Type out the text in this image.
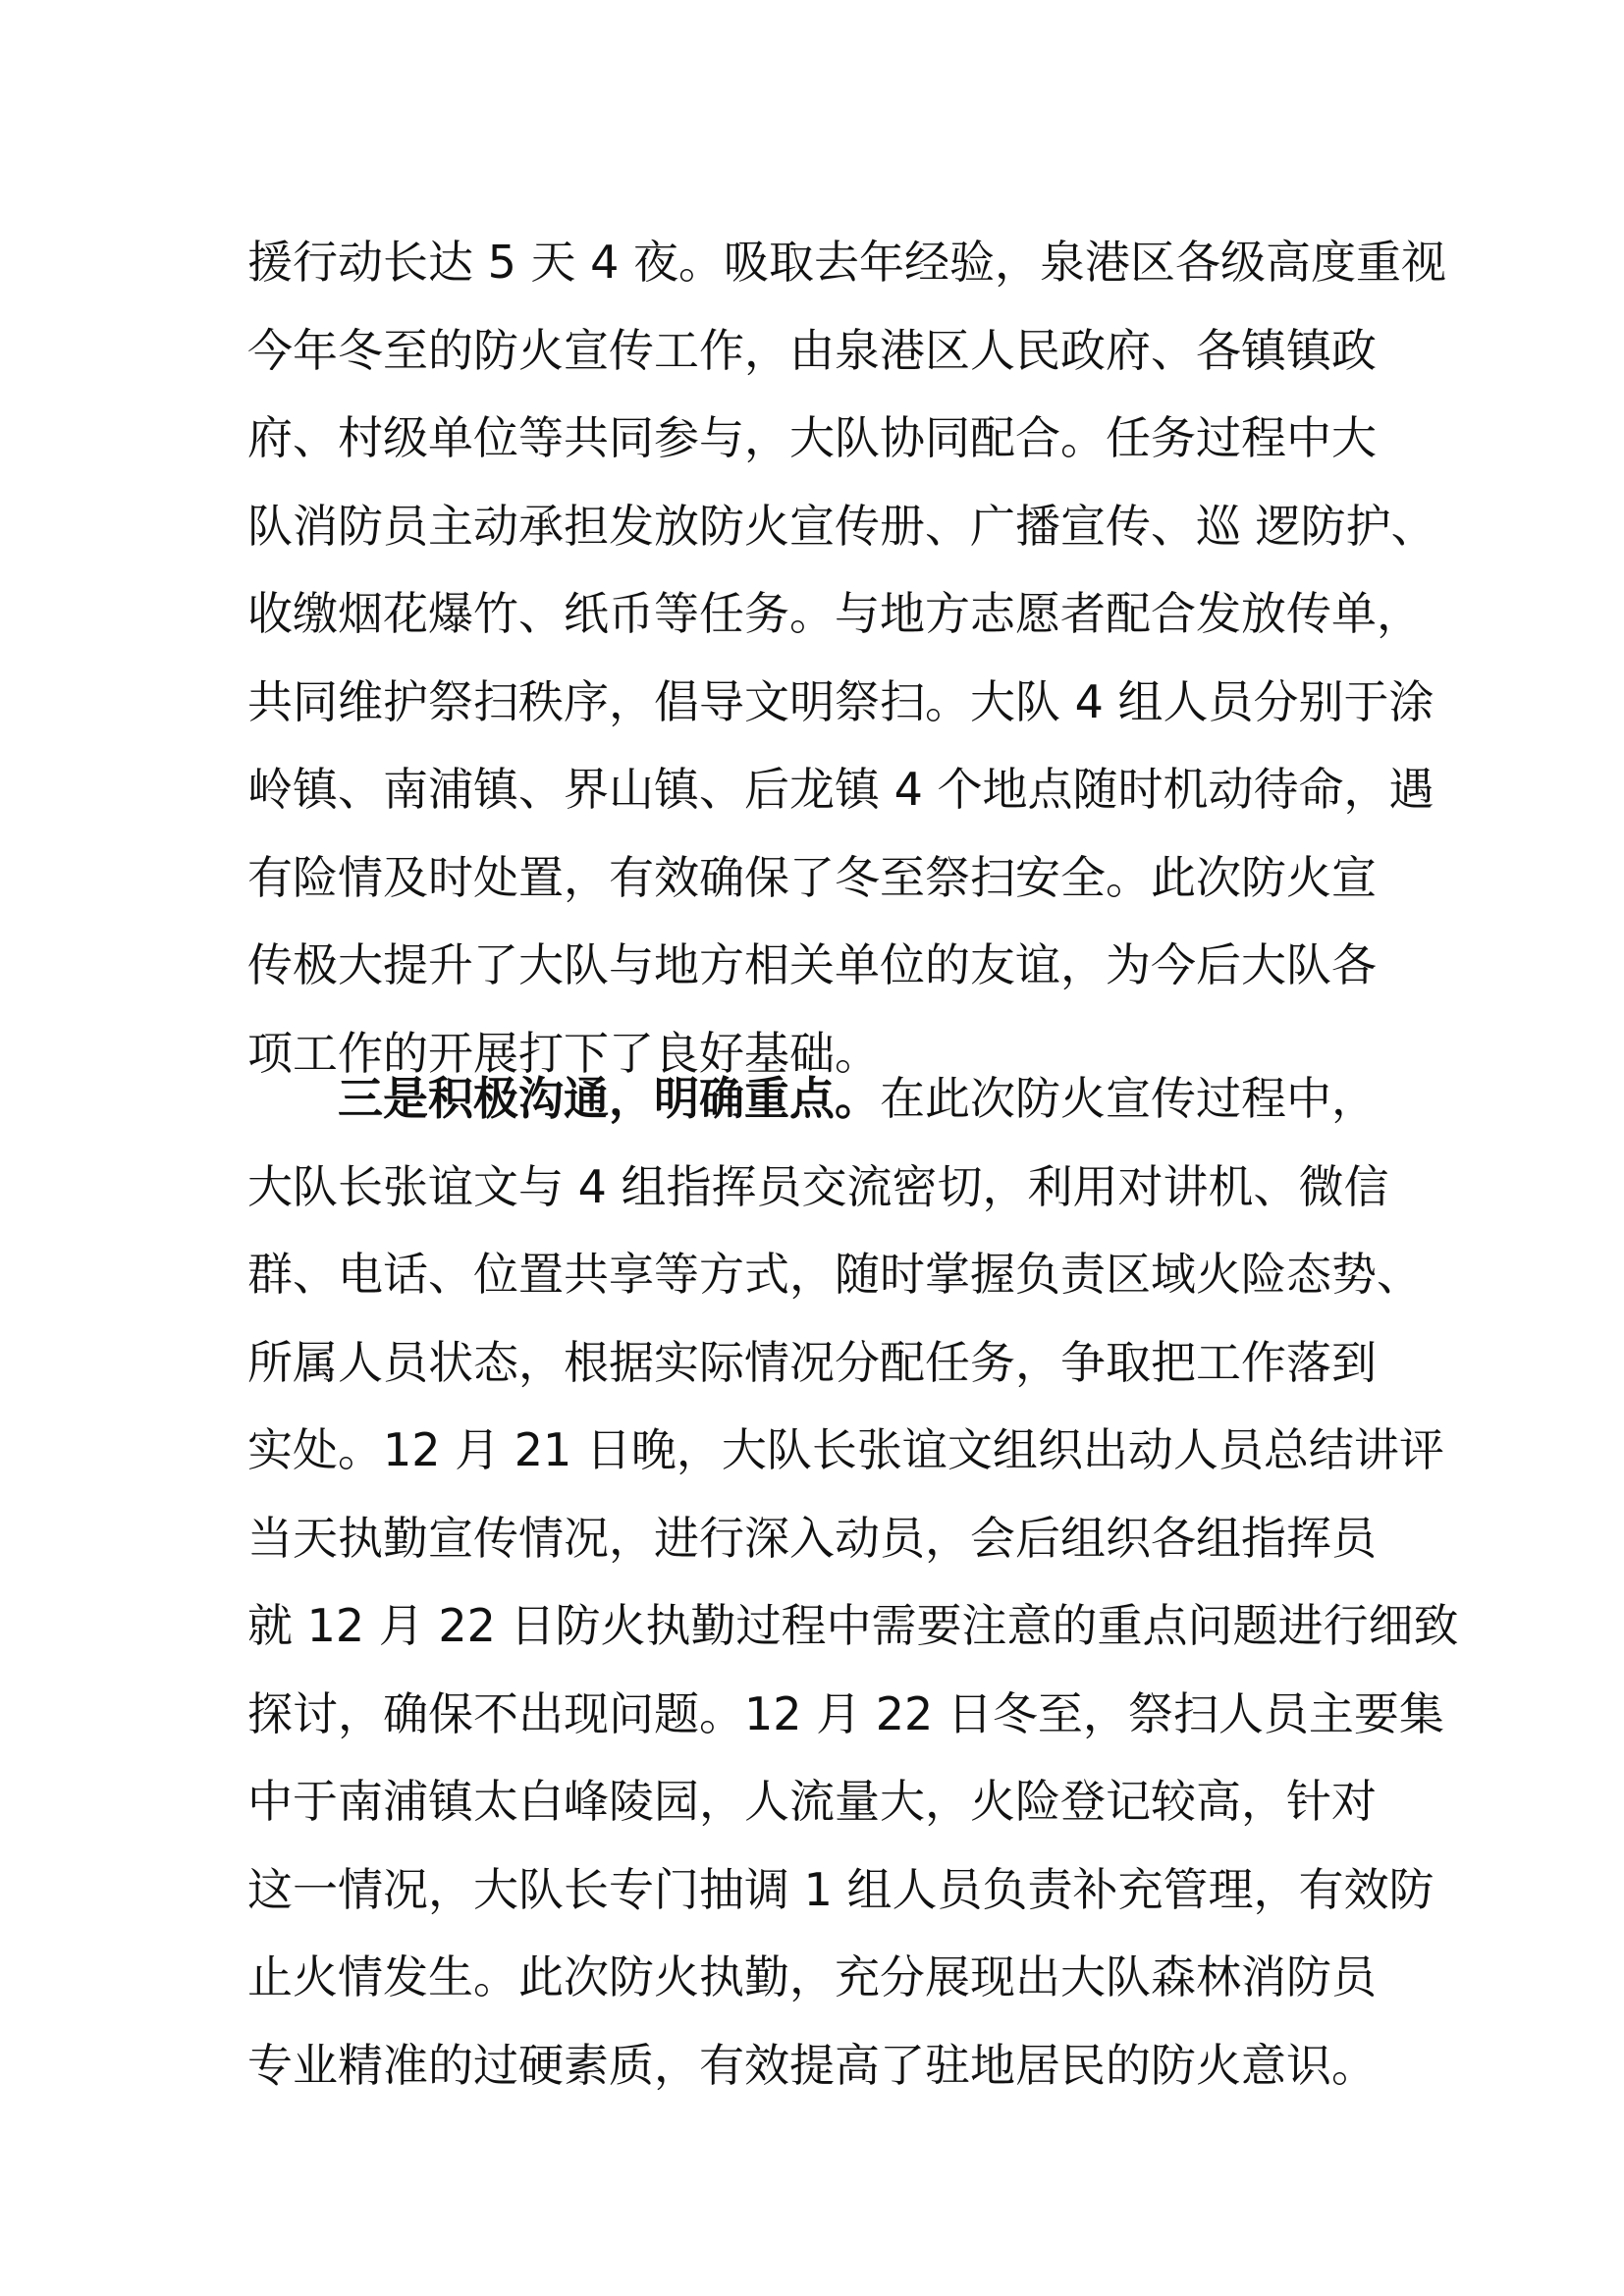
援行动长达 5 天 4 夜。吸取去年经验，泉港区各级高度重视
今年冬至的防火宣传工作，由泉港区人民政府、各镇镇政
府、村级单位等共同参与，大队协同配合。任务过程中大
队消防员主动承担发放防火宣传册、广播宣传、巡 逻防护、
收缴烟花爆竹、纸币等任务。与地方志愿者配合发放传单，
共同维护祭扫秩序，倡导文明祭扫。大队 4 组人员分别于涂
岭镇、南浦镇、界山镇、后龙镇 4 个地点随时机动待命，遇
有险情及时处置，有效确保了冬至祭扫安全。此次防火宣
传极大提升了大队与地方相关单位的友谊，为今后大队各
项工作的开展打下了良好基础。
三是积极沟通，明确重点。在此次防火宣传过程中，
大队长张谊文与 4 组指挥员交流密切，利用对讲机、微信
群、电话、位置共享等方式，随时掌握负责区域火险态势、
所属人员状态，根据实际情况分配任务，争取把工作落到
实处。12 月 21 日晚，大队长张谊文组织出动人员总结讲评
当天执勤宣传情况，进行深入动员，会后组织各组指挥员
就 12 月 22 日防火执勤过程中需要注意的重点问题进行细致
探讨，确保不出现问题。12 月 22 日冬至，祭扫人员主要集
中于南浦镇太白峰陵园，人流量大，火险登记较高，针对
这一情况，大队长专门抽调 1 组人员负责补充管理，有效防
止火情发生。此次防火执勤，充分展现出大队森林消防员
专业精准的过硬素质，有效提高了驻地居民的防火意识。
